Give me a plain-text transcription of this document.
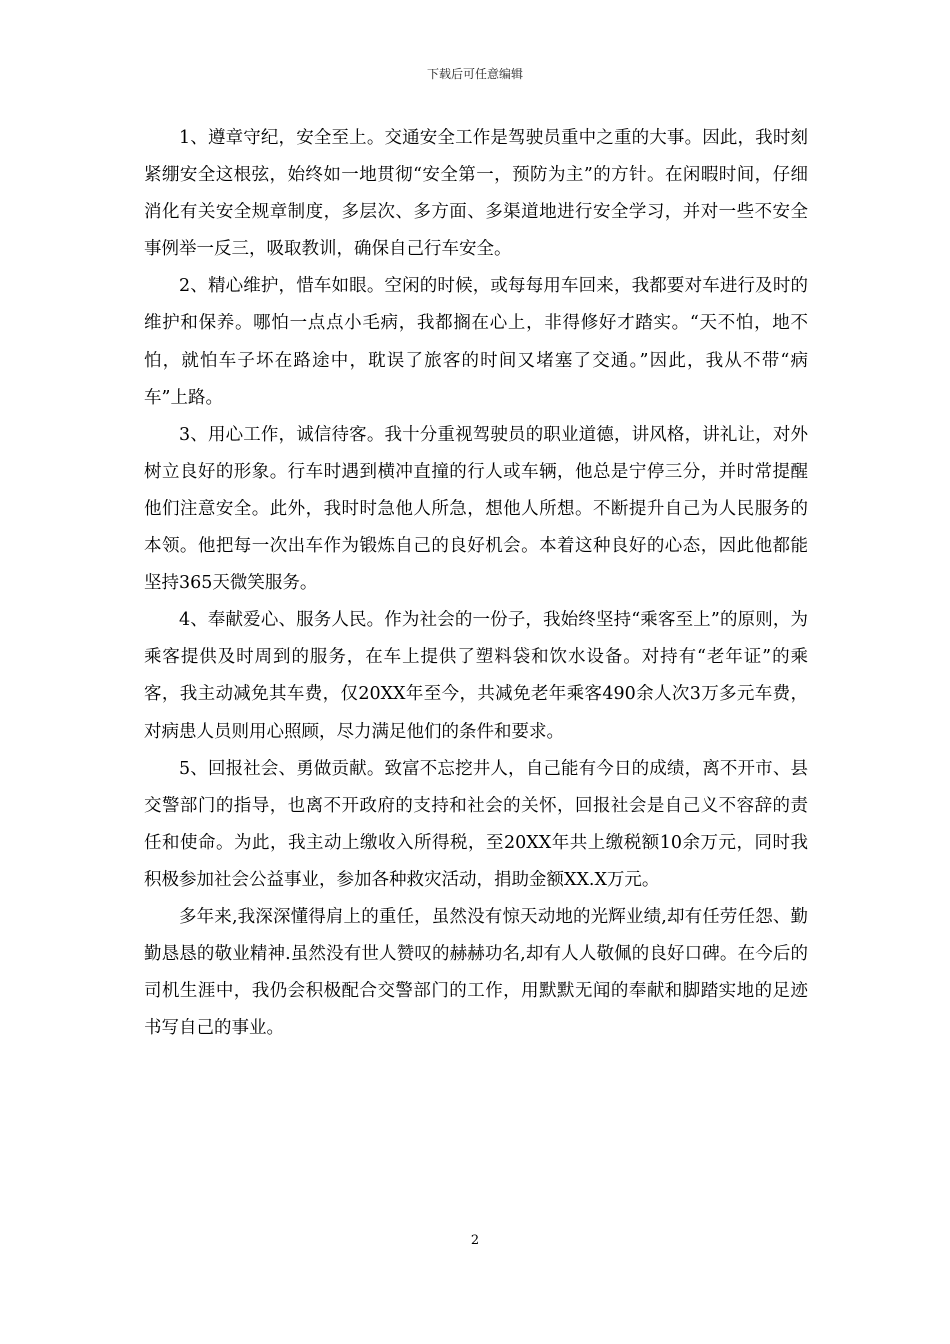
下载后可任意编辑

1、遵章守纪，安全至上。交通安全工作是驾驶员重中之重的大事。因此，我时刻紧绷安全这根弦，始终如一地贯彻“安全第一，预防为主”的方针。在闲暇时间，仔细消化有关安全规章制度，多层次、多方面、多渠道地进行安全学习，并对一些不安全事例举一反三，吸取教训，确保自己行车安全。

2、精心维护，惜车如眼。空闲的时候，或每每用车回来，我都要对车进行及时的维护和保养。哪怕一点点小毛病，我都搁在心上，非得修好才踏实。“天不怕，地不怕，就怕车子坏在路途中，耽误了旅客的时间又堵塞了交通。”因此，我从不带“病车”上路。

3、用心工作，诚信待客。我十分重视驾驶员的职业道德，讲风格，讲礼让，对外树立良好的形象。行车时遇到横冲直撞的行人或车辆，他总是宁停三分，并时常提醒他们注意安全。此外，我时时急他人所急，想他人所想。不断提升自己为人民服务的本领。他把每一次出车作为锻炼自己的良好机会。本着这种良好的心态，因此他都能坚持365天微笑服务。

4、奉献爱心、服务人民。作为社会的一份子，我始终坚持“乘客至上”的原则，为乘客提供及时周到的服务，在车上提供了塑料袋和饮水设备。对持有“老年证”的乘客，我主动减免其车费，仅20XX年至今，共减免老年乘客490余人次3万多元车费，对病患人员则用心照顾，尽力满足他们的条件和要求。

5、回报社会、勇做贡献。致富不忘挖井人，自己能有今日的成绩，离不开市、县交警部门的指导，也离不开政府的支持和社会的关怀，回报社会是自己义不容辞的责任和使命。为此，我主动上缴收入所得税，至20XX年共上缴税额10余万元，同时我积极参加社会公益事业，参加各种救灾活动，捐助金额XX.X万元。

多年来,我深深懂得肩上的重任，虽然没有惊天动地的光辉业绩,却有任劳任怨、勤勤恳恳的敬业精神.虽然没有世人赞叹的赫赫功名,却有人人敬佩的良好口碑。在今后的司机生涯中，我仍会积极配合交警部门的工作，用默默无闻的奉献和脚踏实地的足迹书写自己的事业。

2
